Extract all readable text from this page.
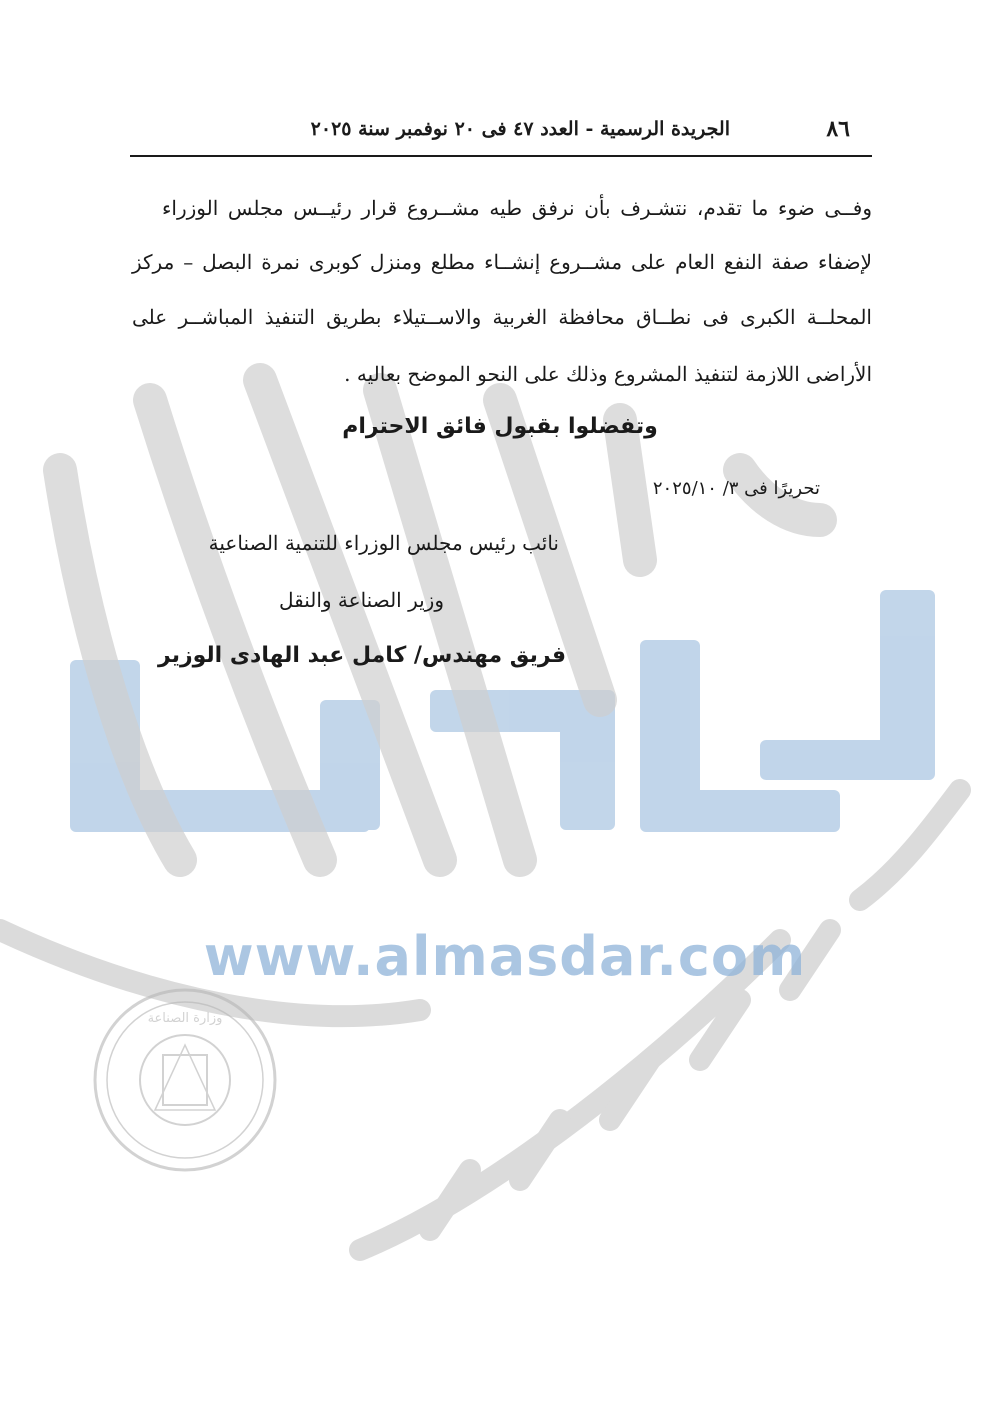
www.almasdar.com
وزارة الصناعة
٨٦
الجريدة الرسمية - العدد ٤٧ فى ٢٠ نوفمبر سنة ٢٠٢٥
وفــى ضوء ما تقدم، نتشـرف بأن نرفق طيه مشــروع قرار رئيــس مجلس الوزراء
لإضفاء صفة النفع العام على مشــروع إنشــاء مطلع ومنزل كوبرى نمرة البصل – مركز
المحلــة الكبرى فى نطــاق محافظة الغربية والاســتيلاء بطريق التنفيذ المباشــر على
الأراضى اللازمة لتنفيذ المشروع وذلك على النحو الموضح بعاليه .
وتفضلوا بقبول فائق الاحترام
تحريرًا فى ٣/ ٢٠٢٥/١٠
نائب رئيس مجلس الوزراء للتنمية الصناعية
وزير الصناعة والنقل
فريق مهندس/ كامل عبد الهادى الوزير
